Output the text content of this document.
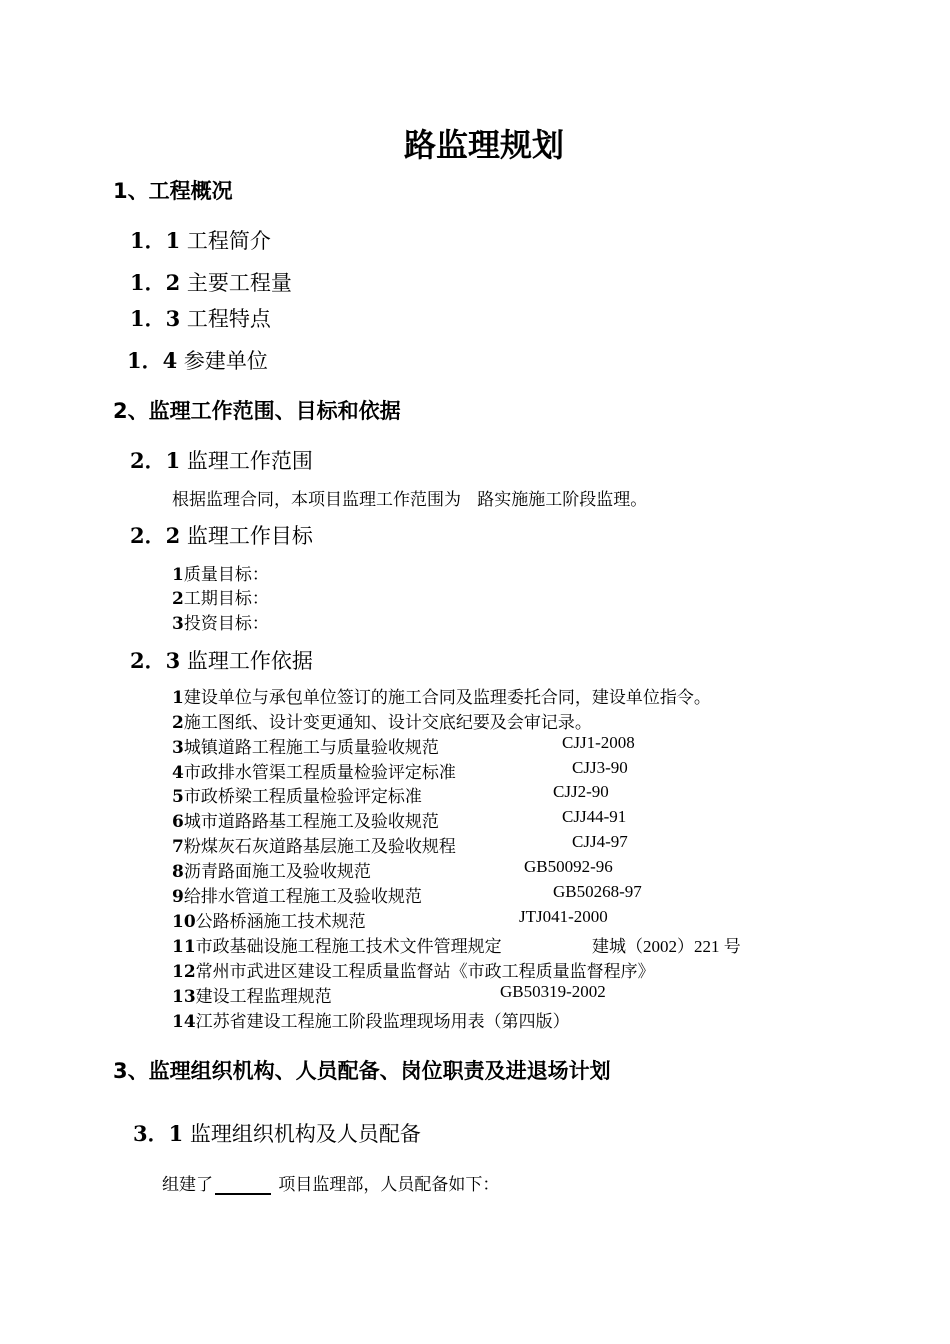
路监理规划
1、工程概况
1．1 工程简介
1．2 主要工程量
1．3 工程特点
1．4 参建单位
2、监理工作范围、目标和依据
2．1 监理工作范围
根据监理合同，本项目监理工作范围为   路实施施工阶段监理。
2．2 监理工作目标
1质量目标：
2工期目标：
3投资目标：
2．3 监理工作依据
1建设单位与承包单位签订的施工合同及监理委托合同，建设单位指令。
2施工图纸、设计变更通知、设计交底纪要及会审记录。
3城镇道路工程施工与质量验收规范	CJJ1-2008
4市政排水管渠工程质量检验评定标准	CJJ3-90
5市政桥梁工程质量检验评定标准	CJJ2-90
6城市道路路基工程施工及验收规范	CJJ44-91
7粉煤灰石灰道路基层施工及验收规程	CJJ4-97
8沥青路面施工及验收规范	GB50092-96
9给排水管道工程施工及验收规范	GB50268-97
10公路桥涵施工技术规范	JTJ041-2000
11市政基础设施工程施工技术文件管理规定	建城（2002）221 号
12常州市武进区建设工程质量监督站《市政工程质量监督程序》
13建设工程监理规范	GB50319-2002
14江苏省建设工程施工阶段监理现场用表（第四版）
3、监理组织机构、人员配备、岗位职责及进退场计划
3．1 监理组织机构及人员配备
组建了	项目监理部，人员配备如下：
